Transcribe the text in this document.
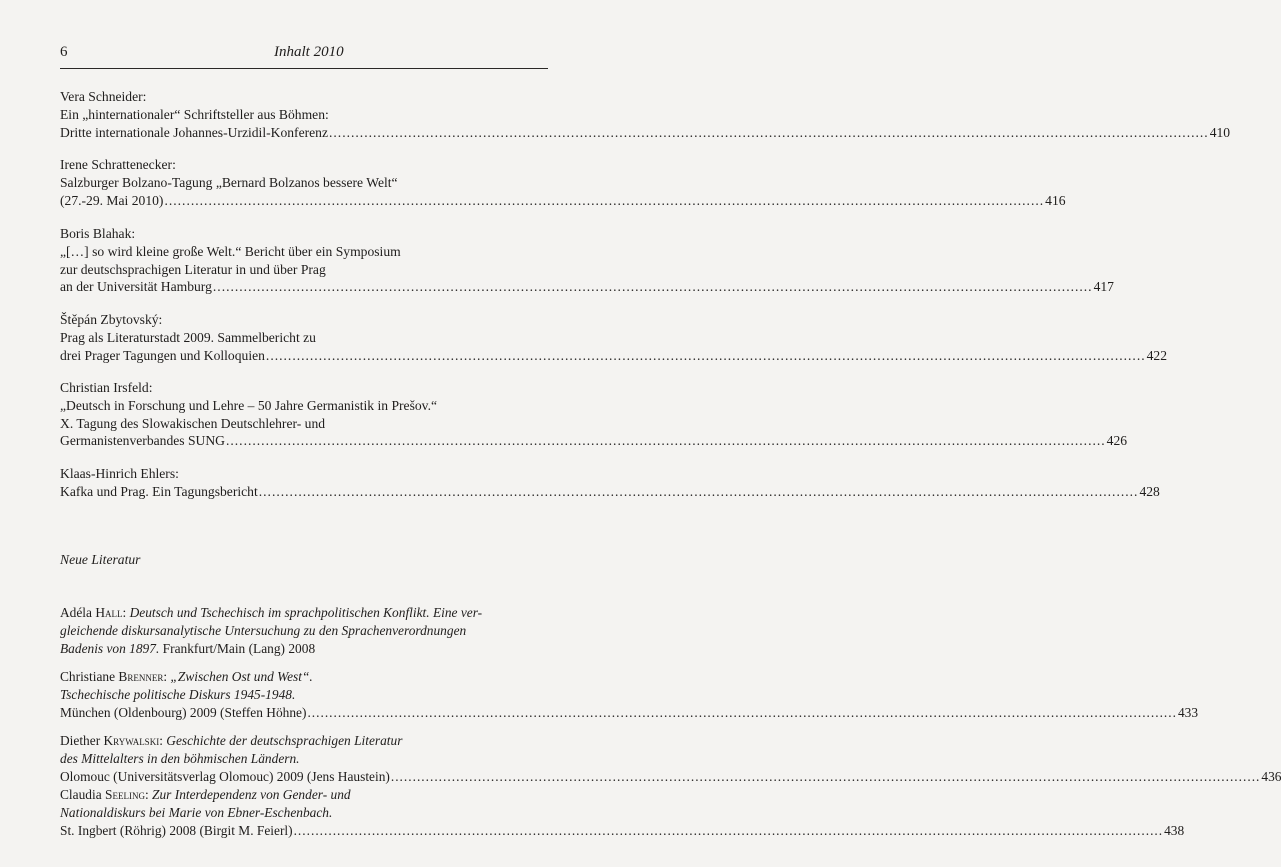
6	Inhalt 2010
Vera Schneider:
Ein „hinternationaler“ Schriftsteller aus Böhmen:
Dritte internationale Johannes-Urzidil-Konferenz ........................................................................................................................................................................................................ 410
Irene Schrattenecker:
Salzburger Bolzano-Tagung „Bernard Bolzanos bessere Welt“
(27.-29. Mai 2010) ........................................................................................................................................................................................................ 416
Boris Blahak:
„[…] so wird kleine große Welt.“ Bericht über ein Symposium
zur deutschsprachigen Literatur in und über Prag
an der Universität Hamburg ........................................................................................................................................................................................................ 417
Štěpán Zbytovský:
Prag als Literaturstadt 2009. Sammelbericht zu
drei Prager Tagungen und Kolloquien ........................................................................................................................................................................................................ 422
Christian Irsfeld:
„Deutsch in Forschung und Lehre – 50 Jahre Germanistik in Prešov.“
X. Tagung des Slowakischen Deutschlehrer- und
Germanistenverbandes SUNG ........................................................................................................................................................................................................ 426
Klaas-Hinrich Ehlers:
Kafka und Prag. Ein Tagungsbericht ........................................................................................................................................................................................................ 428
Neue Literatur
Adéla Hall: Deutsch und Tschechisch im sprachpolitischen Konflikt. Eine ver-
gleichende diskursanalytische Untersuchung zu den Sprachenverordnungen
Badenis von 1897. Frankfurt/Main (Lang) 2008
Christiane Brenner: „Zwischen Ost und West“.
Tschechische politische Diskurs 1945-1948.
München (Oldenbourg) 2009 (Steffen Höhne) ........................................................................................................................................................................................................ 433
Diether Krywalski: Geschichte der deutschsprachigen Literatur
des Mittelalters in den böhmischen Ländern.
Olomouc (Universitätsverlag Olomouc) 2009 (Jens Haustein) ........................................................................................................................................................................................................ 436
Claudia Seeling: Zur Interdependenz von Gender- und
Nationaldiskurs bei Marie von Ebner-Eschenbach.
St. Ingbert (Röhrig) 2008 (Birgit M. Feierl) ........................................................................................................................................................................................................ 438
